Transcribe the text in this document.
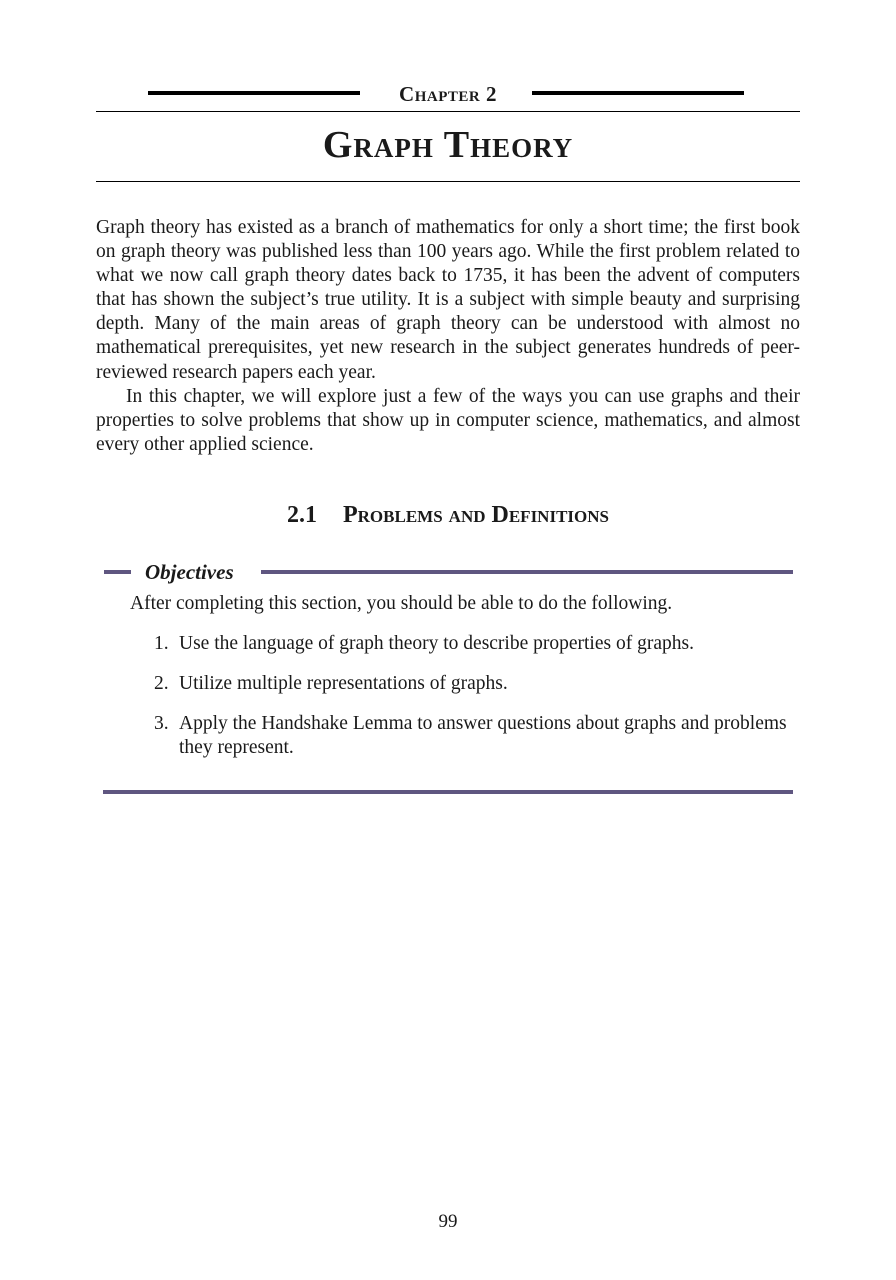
Chapter 2
Graph Theory

Graph theory has existed as a branch of mathematics for only a short time; the first book on graph theory was published less than 100 years ago. While the first problem related to what we now call graph theory dates back to 1735, it has been the advent of computers that has shown the subject’s true utility. It is a subject with simple beauty and surprising depth. Many of the main areas of graph theory can be understood with almost no mathematical prerequisites, yet new research in the subject generates hundreds of peer-reviewed research papers each year.

In this chapter, we will explore just a few of the ways you can use graphs and their properties to solve problems that show up in computer science, mathematics, and almost every other applied science.

2.1 Problems and Definitions
Objectives
After completing this section, you should be able to do the following.
1. Use the language of graph theory to describe properties of graphs.
2. Utilize multiple representations of graphs.
3. Apply the Handshake Lemma to answer questions about graphs and problems they represent.
99
